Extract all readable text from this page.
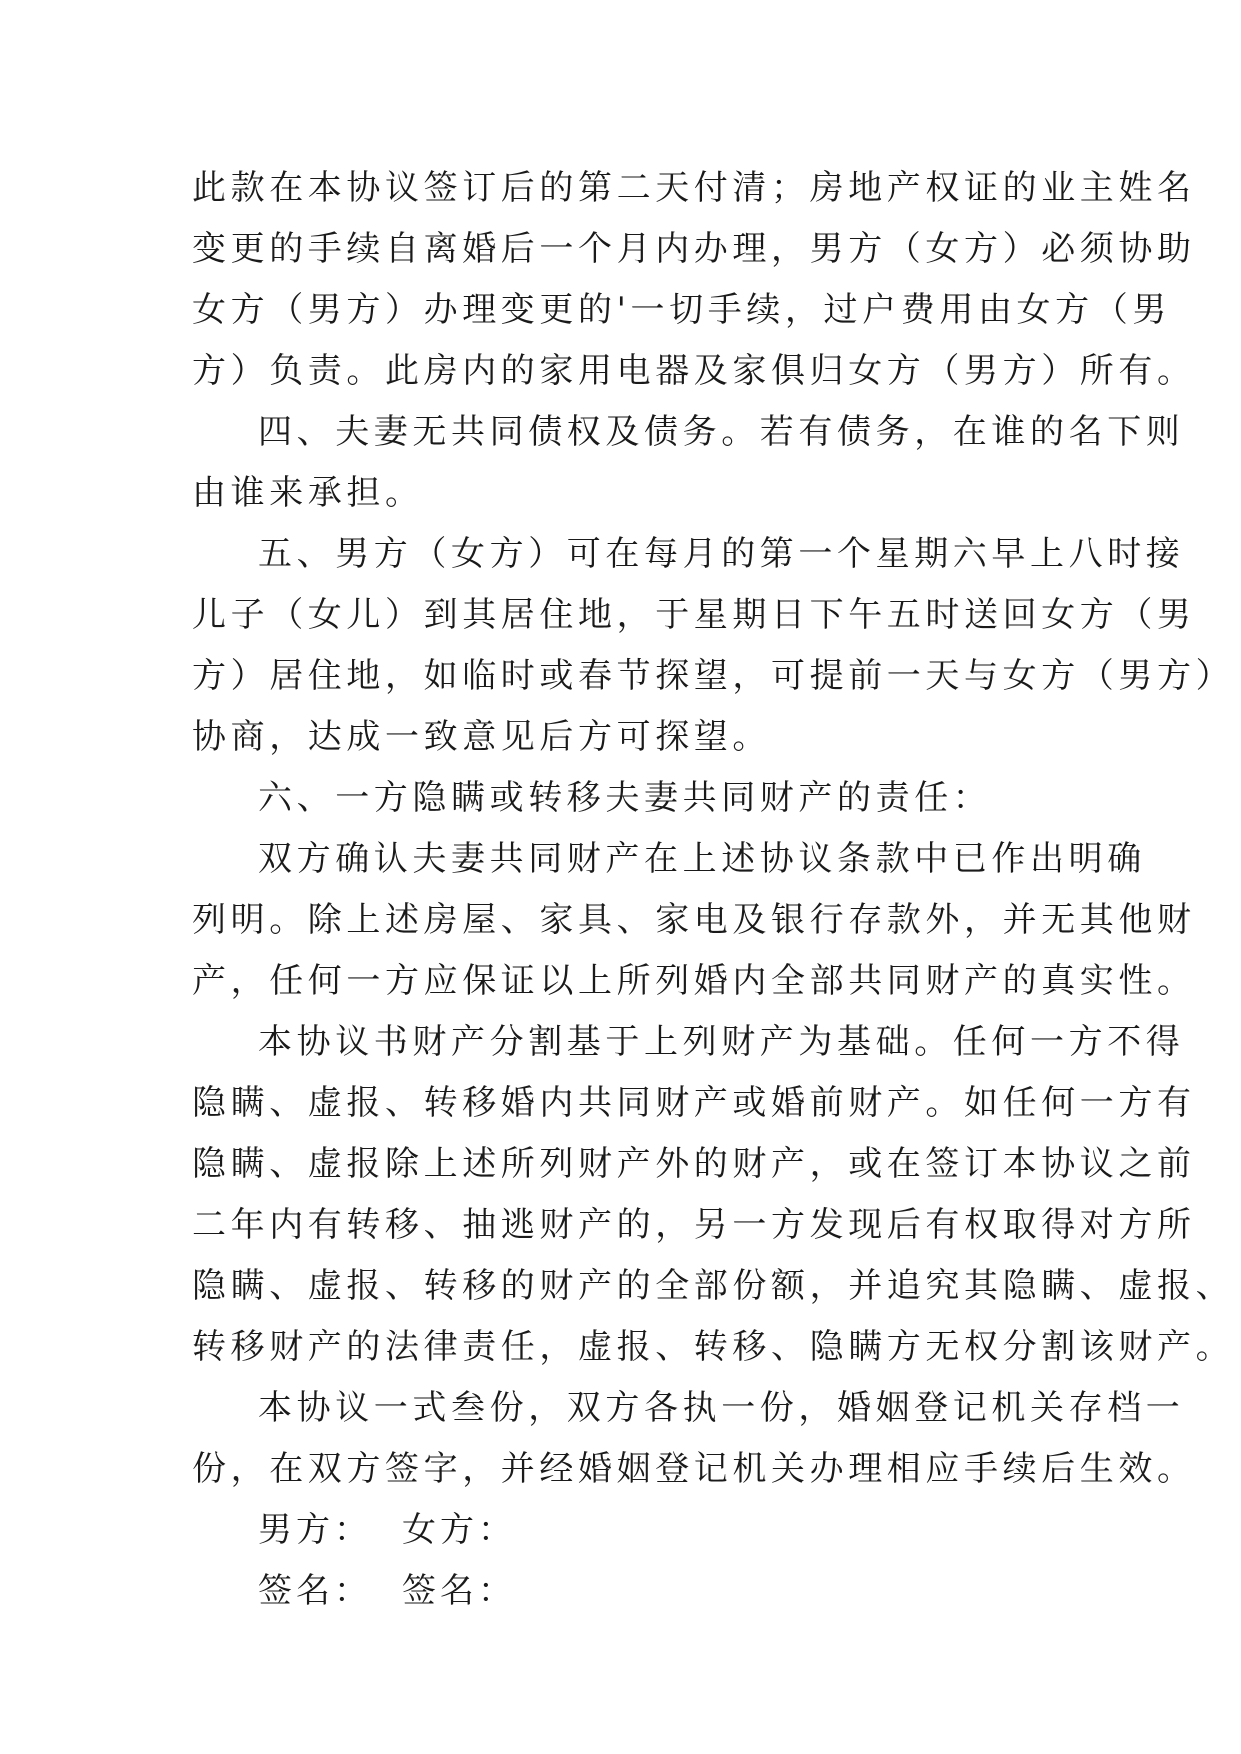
此款在本协议签订后的第二天付清；房地产权证的业主姓名
变更的手续自离婚后一个月内办理，男方（女方）必须协助
女方（男方）办理变更的'一切手续，过户费用由女方（男
方）负责。此房内的家用电器及家俱归女方（男方）所有。
四、夫妻无共同债权及债务。若有债务，在谁的名下则
由谁来承担。
五、男方（女方）可在每月的第一个星期六早上八时接
儿子（女儿）到其居住地，于星期日下午五时送回女方（男
方）居住地，如临时或春节探望，可提前一天与女方（男方）
协商，达成一致意见后方可探望。
六、一方隐瞒或转移夫妻共同财产的责任：
双方确认夫妻共同财产在上述协议条款中已作出明确
列明。除上述房屋、家具、家电及银行存款外，并无其他财
产，任何一方应保证以上所列婚内全部共同财产的真实性。
本协议书财产分割基于上列财产为基础。任何一方不得
隐瞒、虚报、转移婚内共同财产或婚前财产。如任何一方有
隐瞒、虚报除上述所列财产外的财产，或在签订本协议之前
二年内有转移、抽逃财产的，另一方发现后有权取得对方所
隐瞒、虚报、转移的财产的全部份额，并追究其隐瞒、虚报、
转移财产的法律责任，虚报、转移、隐瞒方无权分割该财产。
本协议一式叁份，双方各执一份，婚姻登记机关存档一
份，在双方签字，并经婚姻登记机关办理相应手续后生效。
男方： 女方：
签名： 签名：
